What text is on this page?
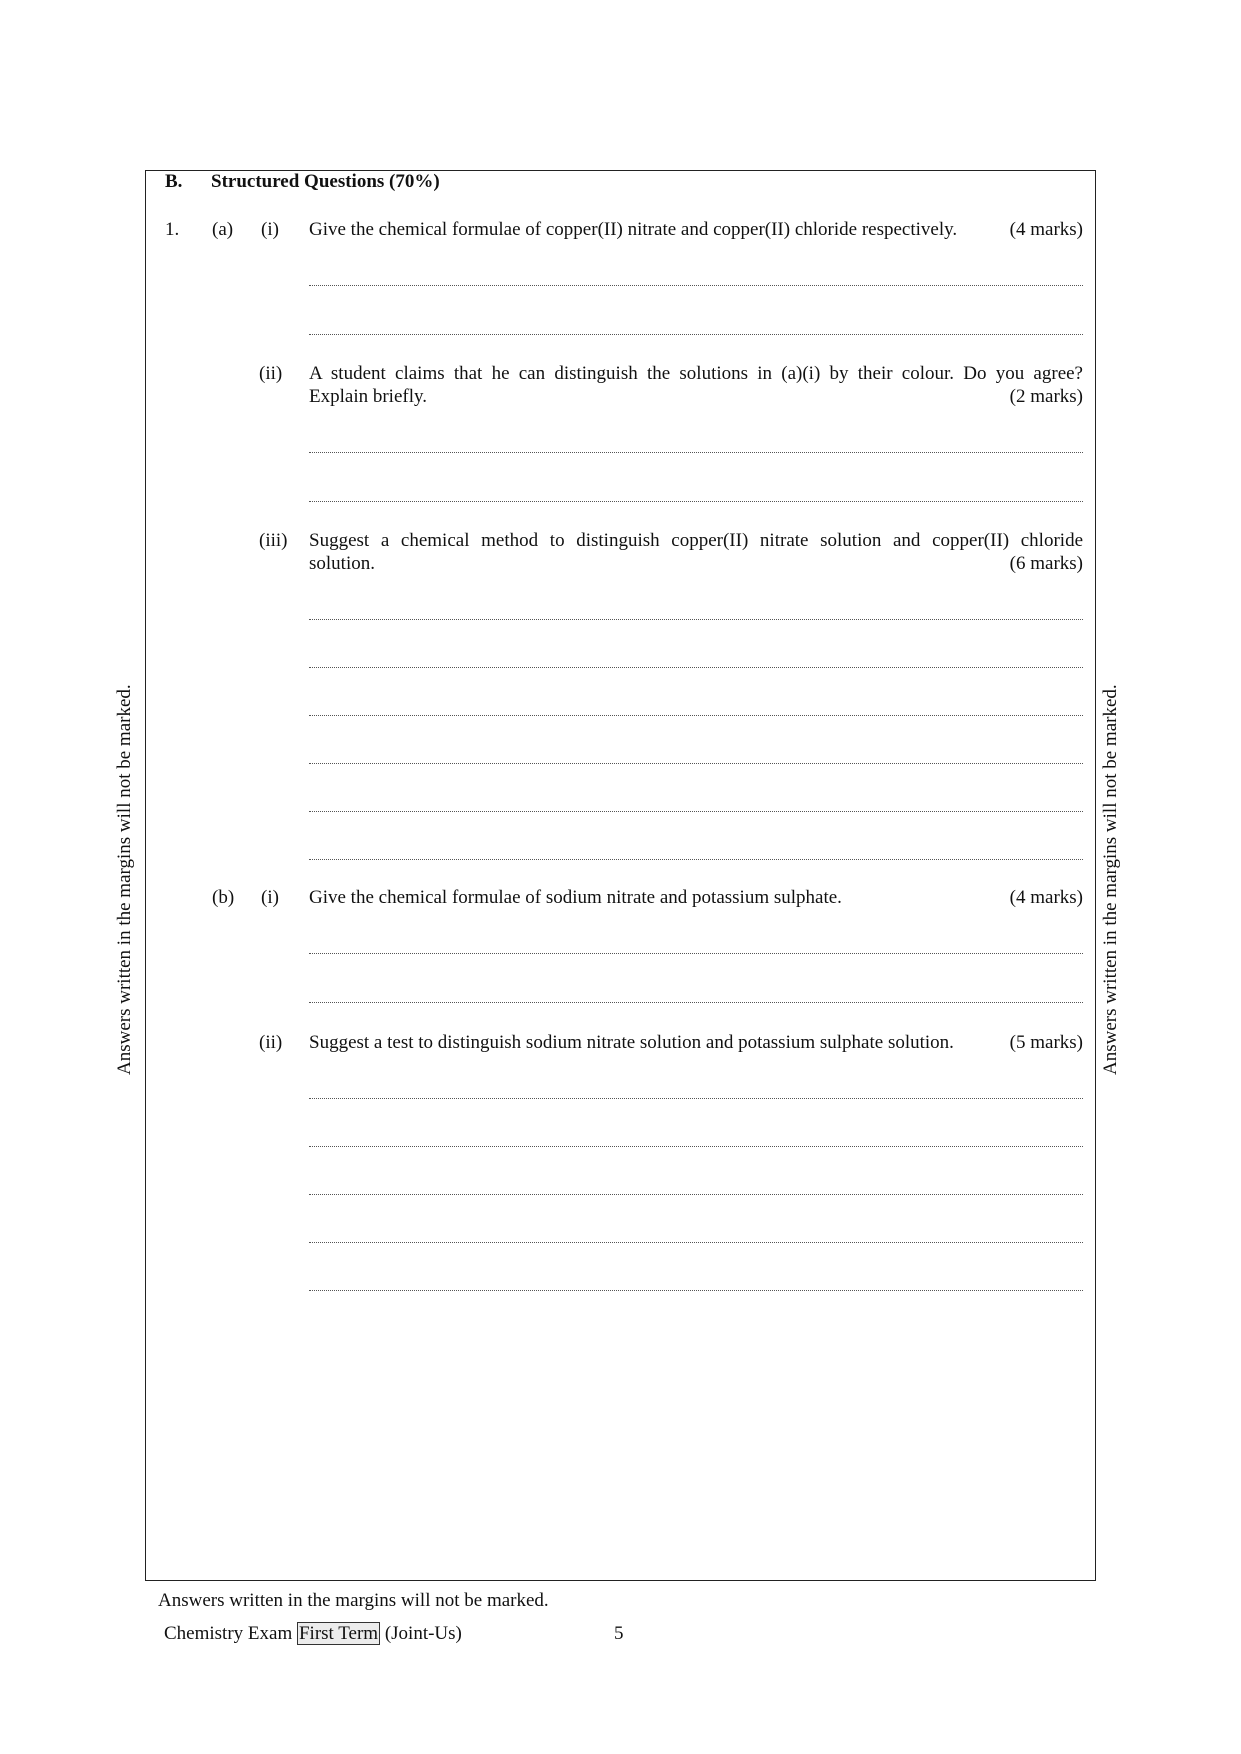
B. Structured Questions (70%)
1. (a) (i) Give the chemical formulae of copper(II) nitrate and copper(II) chloride respectively.	(4 marks)
(ii) A student claims that he can distinguish the solutions in (a)(i) by their colour. Do you agree?
Explain briefly.	(2 marks)
(iii) Suggest a chemical method to distinguish copper(II) nitrate solution and copper(II) chloride
solution.	(6 marks)
(b) (i) Give the chemical formulae of sodium nitrate and potassium sulphate.	(4 marks)
(ii) Suggest a test to distinguish sodium nitrate solution and potassium sulphate solution.	(5 marks)
Answers written in the margins will not be marked.	Answers written in the margins will not be marked.
Answers written in the margins will not be marked.
Chemistry Exam First Term (Joint-Us)	5
